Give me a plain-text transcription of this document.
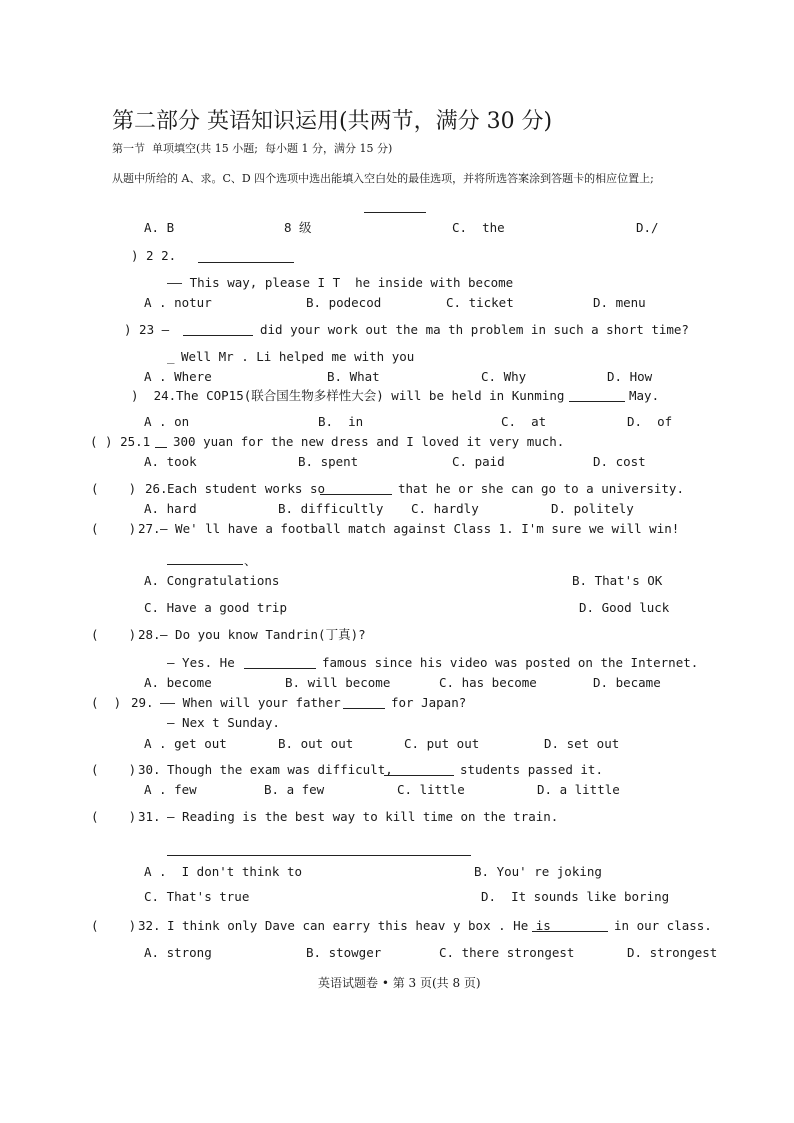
第二部分 英语知识运用(共两节，满分 30 分)
第一节  单项填空(共 15 小题;  每小题 1 分，满分 15 分)
从题中所给的 A、求。C、D 四个选项中选出能填入空白处的最佳选项，并将所选答案涂到答题卡的相应位置上;
A. B	8 级	C.  the	D./
) 2 2.
—— This way, please I T  he inside with become
A . notur	B. podecod	C. ticket	D. menu
) 23 —	did your work out the ma th problem in such a short time?
_ Well Mr . Li helped me with you
A . Where	B. What	C. Why	D. How
)  24. The COP15(联合国生物多样性大会) will be held in Kunming	May.
A . on	B.  in	C.  at	D.  of
( ) 25.1 300 yuan for the new dress and I loved it very much.
A. took	B. spent	C. paid	D. cost
(    ) 26. Each student works so	that he or she can go to a university.
A. hard	B. difficultly C. hardly	D. politely
(    ) 27. — We' ll have a football match against Class 1. I'm sure we will win!
、
A. Congratulations	B. That's OK
C. Have a good trip	D. Good luck
(    ) 28. — Do you know Tandrin(丁真)?
— Yes. He	famous since his video was posted on the Internet.
A. become	B. will become	C. has become	D. became
(  ) 29. —— When will your father	for Japan?
— Nex t Sunday.
A . get out	B. out out	C. put out	D. set out
(    ) 30. Though the exam was difficult,	students passed it.
A . few	B. a few	C. little	D. a little
(    ) 31. — Reading is the best way to kill time on the train.
A .  I don't think to	B. You' re joking
C. That's true	D.  It sounds like boring
(    ) 32. I think only Dave can earry this heav y box . He is	in our class.
A. strong	B. stowger	C. there strongest	D. strongest
英语试题卷 • 第 3 页(共 8 页)
